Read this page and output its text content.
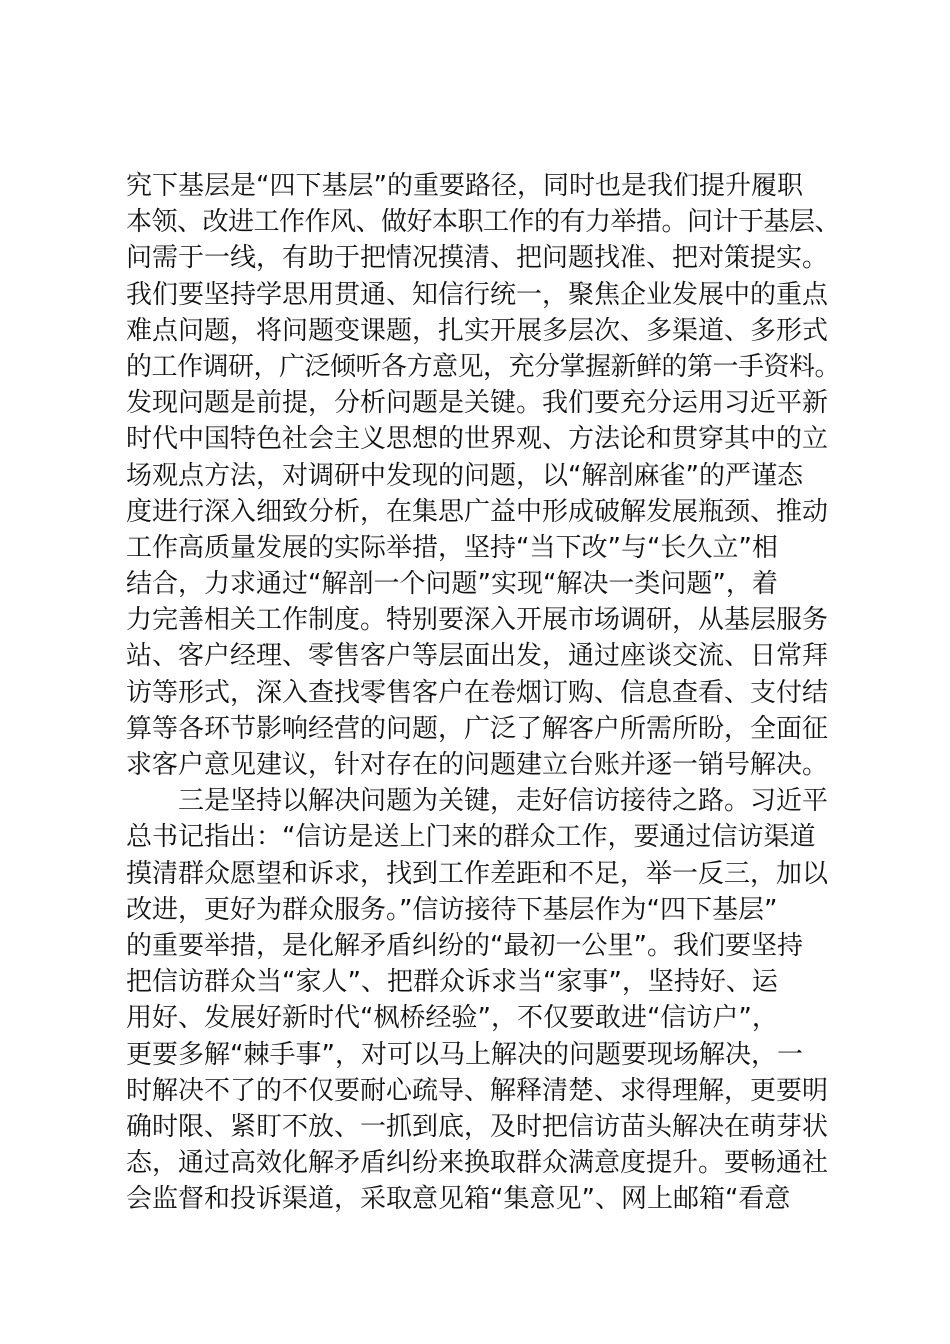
究下基层是“四下基层”的重要路径，同时也是我们提升履职
本领、改进工作作风、做好本职工作的有力举措。问计于基层、
问需于一线，有助于把情况摸清、把问题找准、把对策提实。
我们要坚持学思用贯通、知信行统一，聚焦企业发展中的重点
难点问题，将问题变课题，扎实开展多层次、多渠道、多形式
的工作调研，广泛倾听各方意见，充分掌握新鲜的第一手资料。
发现问题是前提，分析问题是关键。我们要充分运用习近平新
时代中国特色社会主义思想的世界观、方法论和贯穿其中的立
场观点方法，对调研中发现的问题，以“解剖麻雀”的严谨态
度进行深入细致分析，在集思广益中形成破解发展瓶颈、推动
工作高质量发展的实际举措，坚持“当下改”与“长久立”相
结合，力求通过“解剖一个问题”实现“解决一类问题”，着
力完善相关工作制度。特别要深入开展市场调研，从基层服务
站、客户经理、零售客户等层面出发，通过座谈交流、日常拜
访等形式，深入查找零售客户在卷烟订购、信息查看、支付结
算等各环节影响经营的问题，广泛了解客户所需所盼，全面征
求客户意见建议，针对存在的问题建立台账并逐一销号解决。
　　三是坚持以解决问题为关键，走好信访接待之路。习近平
总书记指出：“信访是送上门来的群众工作，要通过信访渠道
摸清群众愿望和诉求，找到工作差距和不足，举一反三，加以
改进，更好为群众服务。”信访接待下基层作为“四下基层”
的重要举措，是化解矛盾纠纷的“最初一公里”。我们要坚持
把信访群众当“家人”、把群众诉求当“家事”，坚持好、运
用好、发展好新时代“枫桥经验”，不仅要敢进“信访户”，
更要多解“棘手事”，对可以马上解决的问题要现场解决，一
时解决不了的不仅要耐心疏导、解释清楚、求得理解，更要明
确时限、紧盯不放、一抓到底，及时把信访苗头解决在萌芽状
态，通过高效化解矛盾纠纷来换取群众满意度提升。要畅通社
会监督和投诉渠道，采取意见箱“集意见”、网上邮箱“看意
